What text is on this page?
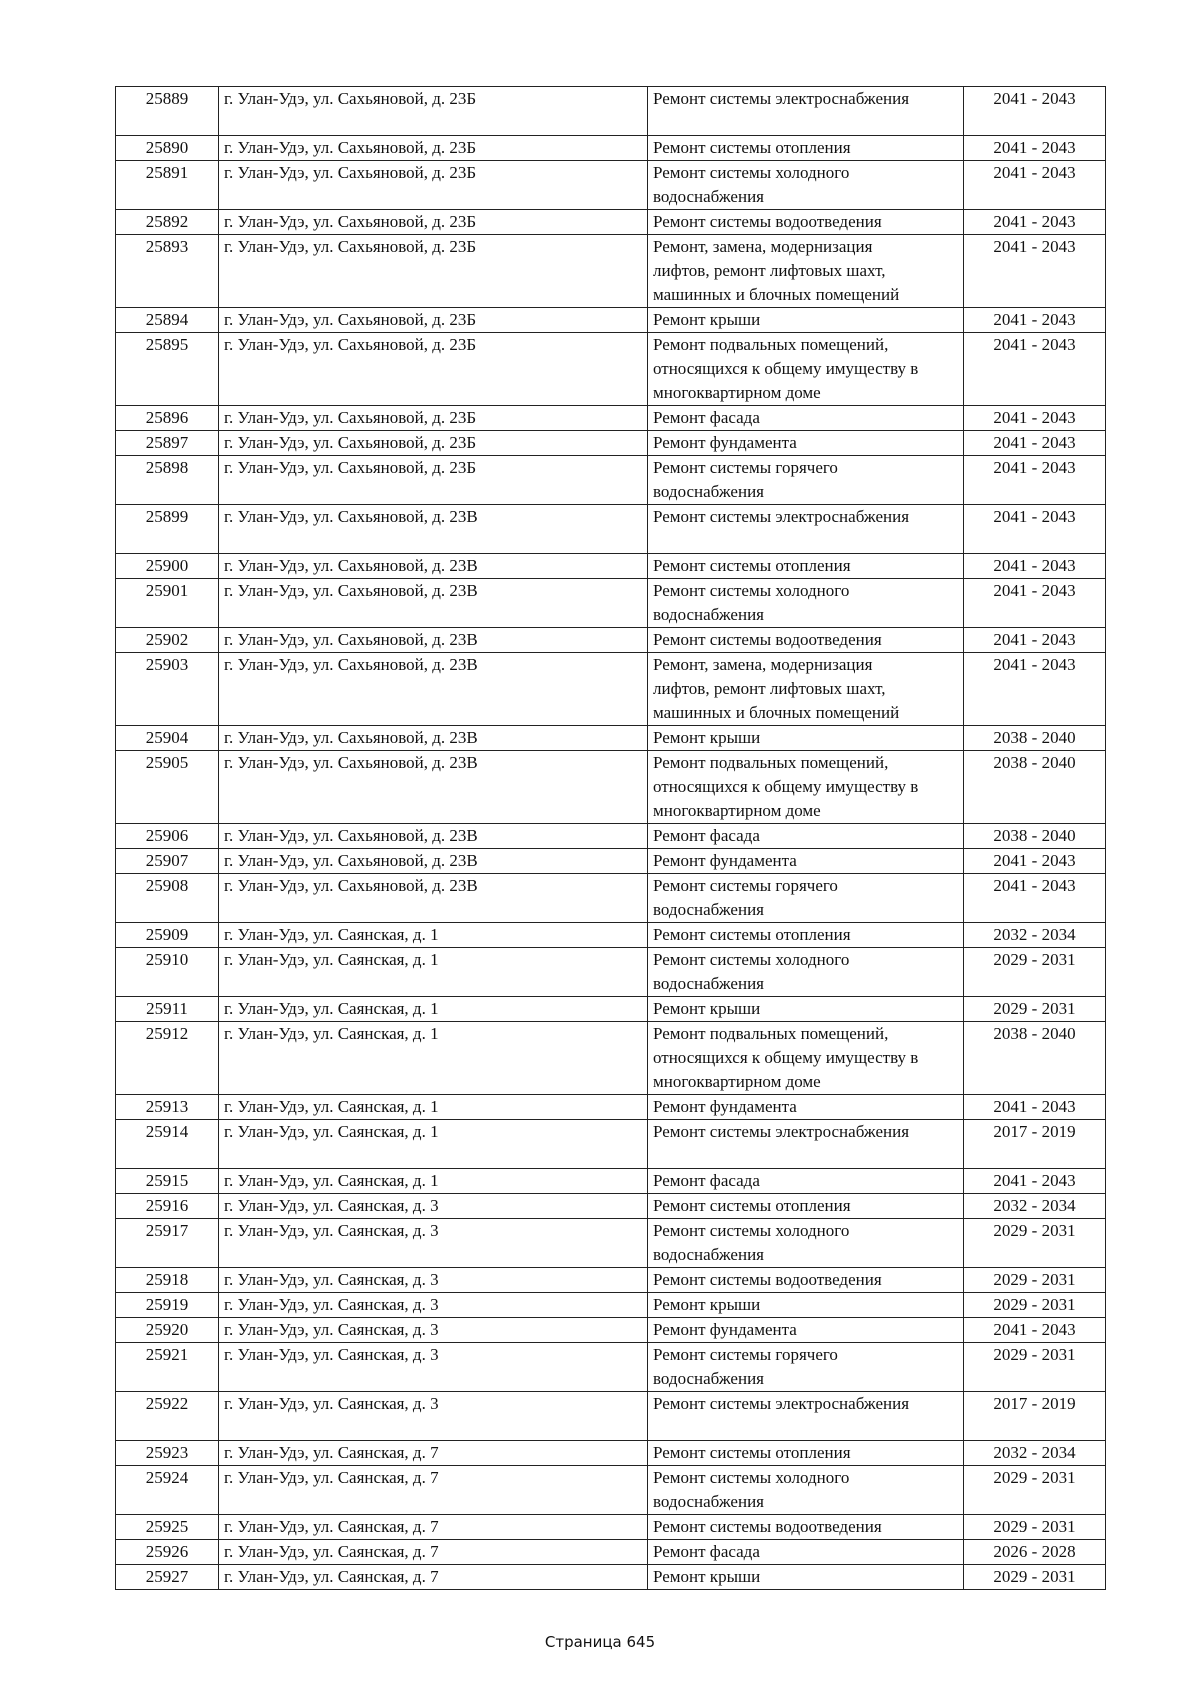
25889	г. Улан-Удэ, ул. Сахьяновой, д. 23Б	Ремонт системы электроснабжения	2041 - 2043
25890	г. Улан-Удэ, ул. Сахьяновой, д. 23Б	Ремонт системы отопления	2041 - 2043
25891	г. Улан-Удэ, ул. Сахьяновой, д. 23Б	Ремонт системы холодного
водоснабжения	2041 - 2043
25892	г. Улан-Удэ, ул. Сахьяновой, д. 23Б	Ремонт системы водоотведения	2041 - 2043
25893	г. Улан-Удэ, ул. Сахьяновой, д. 23Б	Ремонт, замена, модернизация
лифтов, ремонт лифтовых шахт,
машинных и блочных помещений	2041 - 2043
25894	г. Улан-Удэ, ул. Сахьяновой, д. 23Б	Ремонт крыши	2041 - 2043
25895	г. Улан-Удэ, ул. Сахьяновой, д. 23Б	Ремонт подвальных помещений,
относящихся к общему имуществу в
многоквартирном доме	2041 - 2043
25896	г. Улан-Удэ, ул. Сахьяновой, д. 23Б	Ремонт фасада	2041 - 2043
25897	г. Улан-Удэ, ул. Сахьяновой, д. 23Б	Ремонт фундамента	2041 - 2043
25898	г. Улан-Удэ, ул. Сахьяновой, д. 23Б	Ремонт системы горячего
водоснабжения	2041 - 2043
25899	г. Улан-Удэ, ул. Сахьяновой, д. 23В	Ремонт системы электроснабжения	2041 - 2043
25900	г. Улан-Удэ, ул. Сахьяновой, д. 23В	Ремонт системы отопления	2041 - 2043
25901	г. Улан-Удэ, ул. Сахьяновой, д. 23В	Ремонт системы холодного
водоснабжения	2041 - 2043
25902	г. Улан-Удэ, ул. Сахьяновой, д. 23В	Ремонт системы водоотведения	2041 - 2043
25903	г. Улан-Удэ, ул. Сахьяновой, д. 23В	Ремонт, замена, модернизация
лифтов, ремонт лифтовых шахт,
машинных и блочных помещений	2041 - 2043
25904	г. Улан-Удэ, ул. Сахьяновой, д. 23В	Ремонт крыши	2038 - 2040
25905	г. Улан-Удэ, ул. Сахьяновой, д. 23В	Ремонт подвальных помещений,
относящихся к общему имуществу в
многоквартирном доме	2038 - 2040
25906	г. Улан-Удэ, ул. Сахьяновой, д. 23В	Ремонт фасада	2038 - 2040
25907	г. Улан-Удэ, ул. Сахьяновой, д. 23В	Ремонт фундамента	2041 - 2043
25908	г. Улан-Удэ, ул. Сахьяновой, д. 23В	Ремонт системы горячего
водоснабжения	2041 - 2043
25909	г. Улан-Удэ, ул. Саянская, д. 1	Ремонт системы отопления	2032 - 2034
25910	г. Улан-Удэ, ул. Саянская, д. 1	Ремонт системы холодного
водоснабжения	2029 - 2031
25911	г. Улан-Удэ, ул. Саянская, д. 1	Ремонт крыши	2029 - 2031
25912	г. Улан-Удэ, ул. Саянская, д. 1	Ремонт подвальных помещений,
относящихся к общему имуществу в
многоквартирном доме	2038 - 2040
25913	г. Улан-Удэ, ул. Саянская, д. 1	Ремонт фундамента	2041 - 2043
25914	г. Улан-Удэ, ул. Саянская, д. 1	Ремонт системы электроснабжения	2017 - 2019
25915	г. Улан-Удэ, ул. Саянская, д. 1	Ремонт фасада	2041 - 2043
25916	г. Улан-Удэ, ул. Саянская, д. 3	Ремонт системы отопления	2032 - 2034
25917	г. Улан-Удэ, ул. Саянская, д. 3	Ремонт системы холодного
водоснабжения	2029 - 2031
25918	г. Улан-Удэ, ул. Саянская, д. 3	Ремонт системы водоотведения	2029 - 2031
25919	г. Улан-Удэ, ул. Саянская, д. 3	Ремонт крыши	2029 - 2031
25920	г. Улан-Удэ, ул. Саянская, д. 3	Ремонт фундамента	2041 - 2043
25921	г. Улан-Удэ, ул. Саянская, д. 3	Ремонт системы горячего
водоснабжения	2029 - 2031
25922	г. Улан-Удэ, ул. Саянская, д. 3	Ремонт системы электроснабжения	2017 - 2019
25923	г. Улан-Удэ, ул. Саянская, д. 7	Ремонт системы отопления	2032 - 2034
25924	г. Улан-Удэ, ул. Саянская, д. 7	Ремонт системы холодного
водоснабжения	2029 - 2031
25925	г. Улан-Удэ, ул. Саянская, д. 7	Ремонт системы водоотведения	2029 - 2031
25926	г. Улан-Удэ, ул. Саянская, д. 7	Ремонт фасада	2026 - 2028
25927	г. Улан-Удэ, ул. Саянская, д. 7	Ремонт крыши	2029 - 2031
Страница 645
